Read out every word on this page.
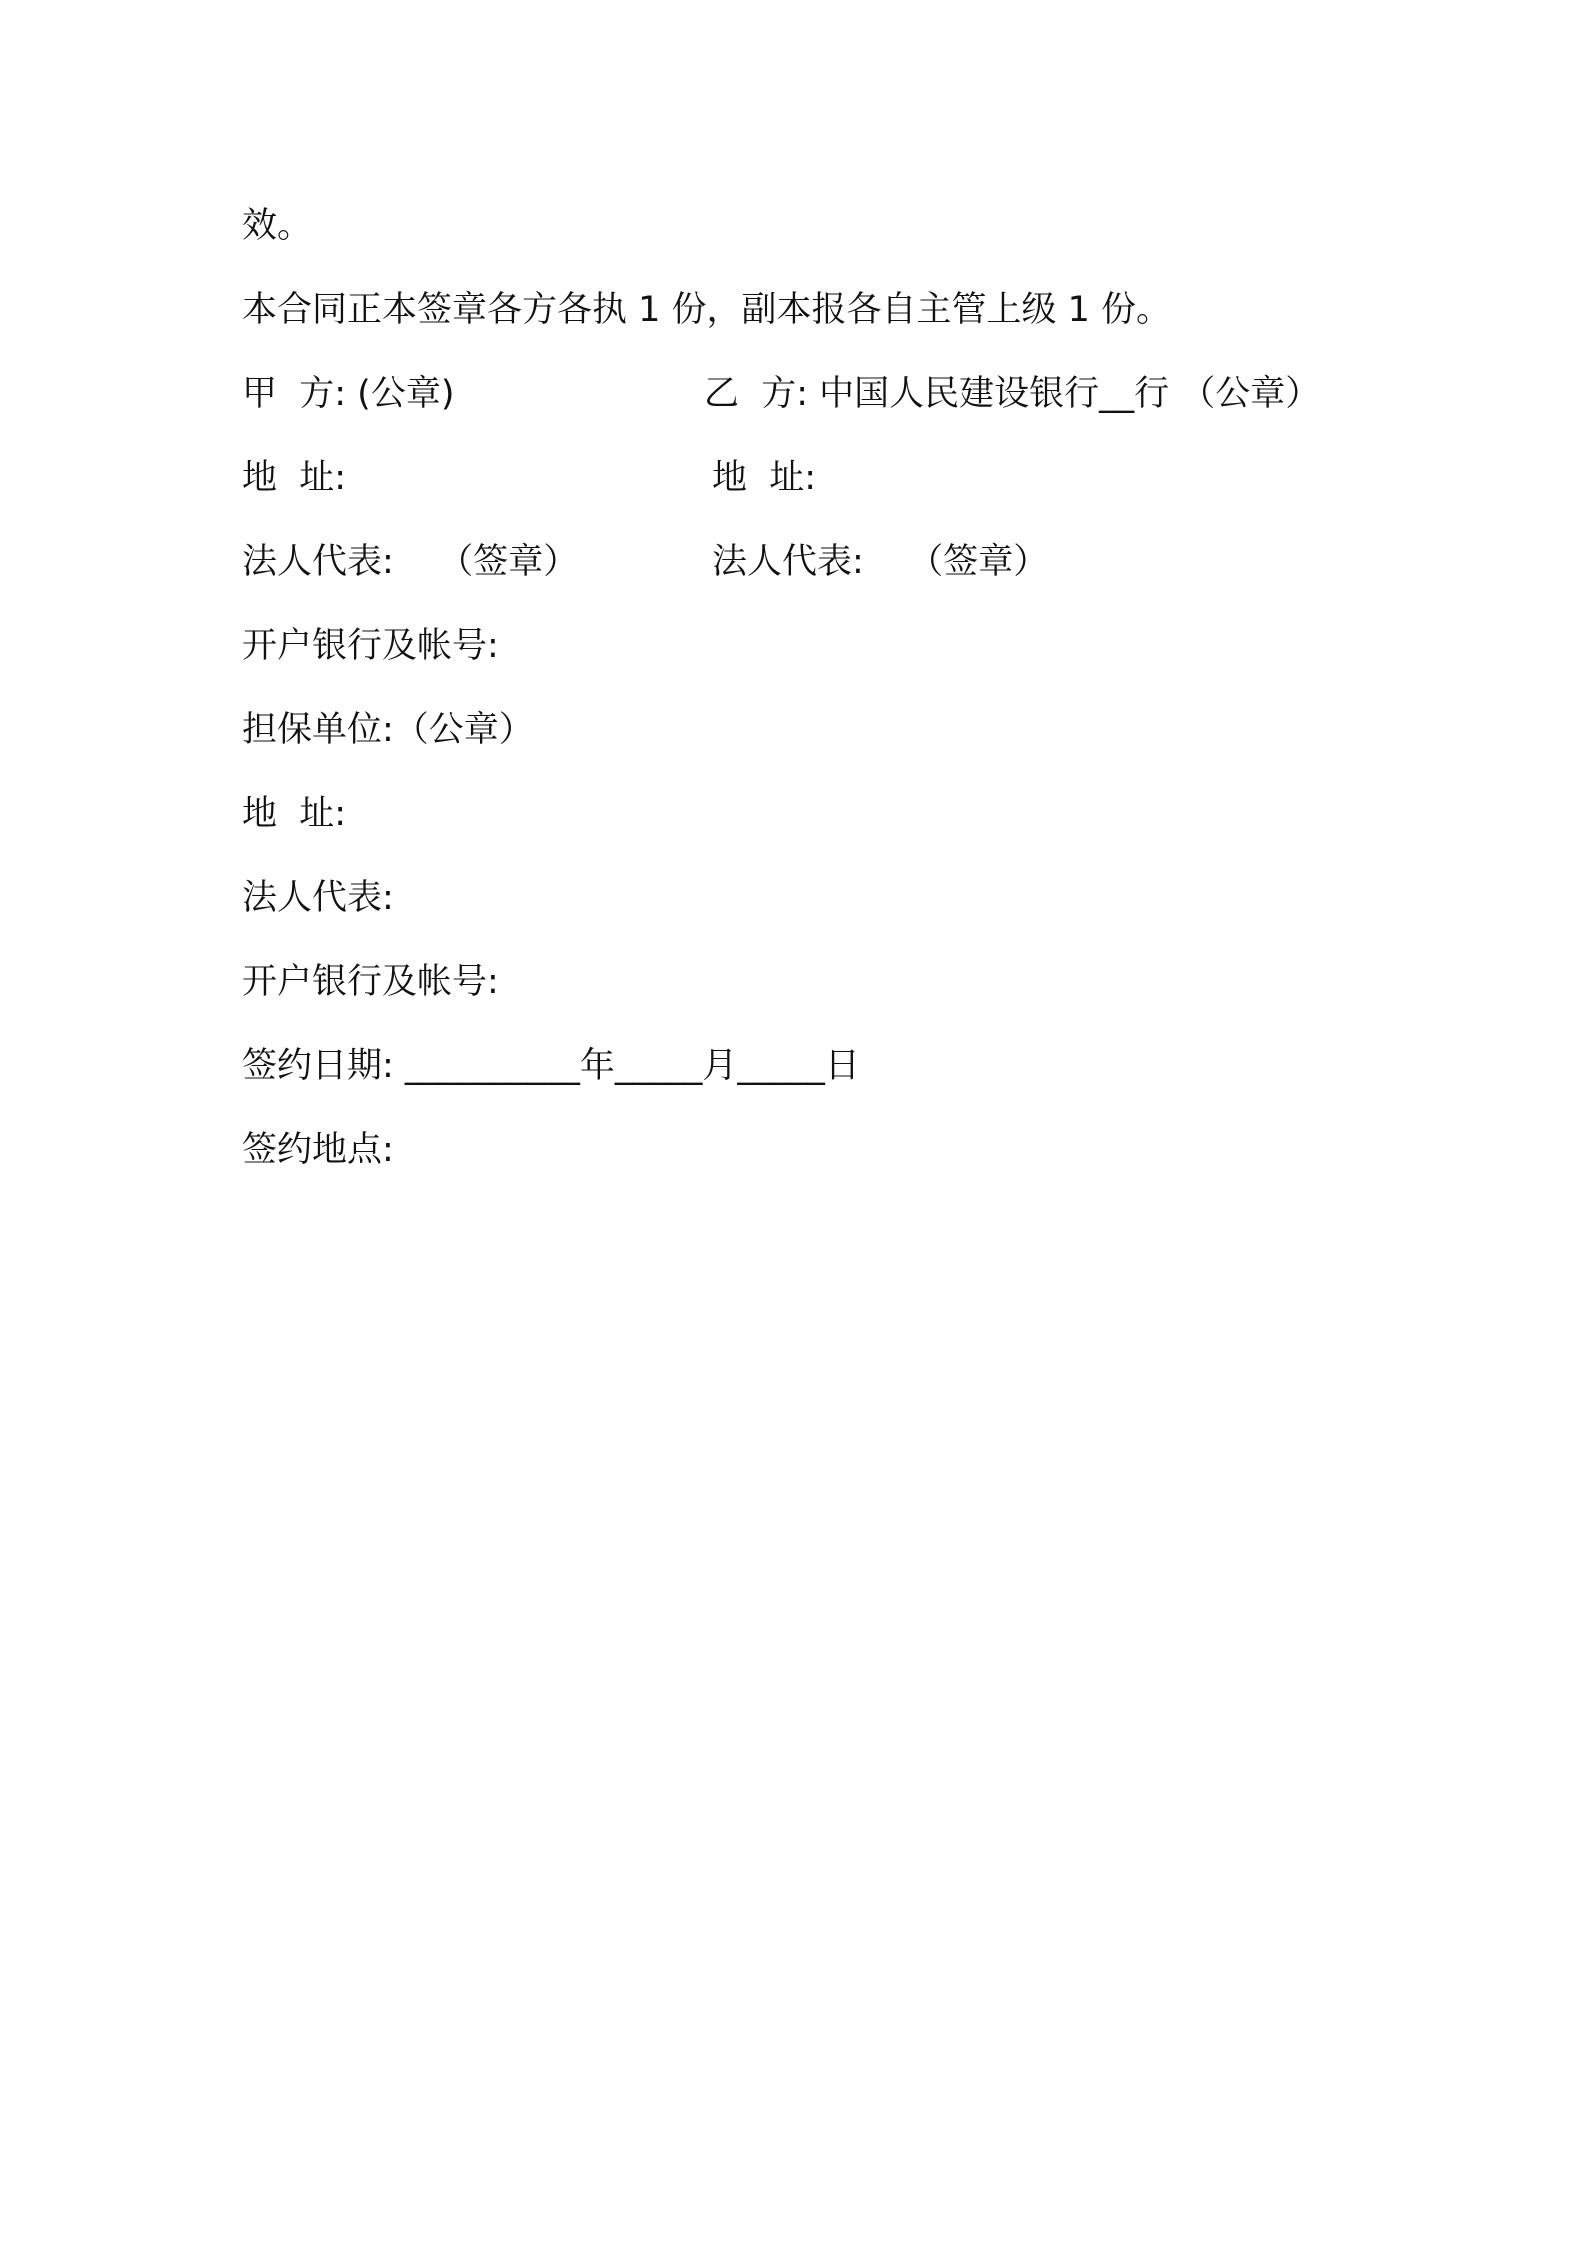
效。
本合同正本签章各方各执 1 份，副本报各自主管上级 1 份。
甲  方: (公章)	乙  方: 中国人民建设银行__行 （公章）
地  址:	地  址:
法人代表:    （签章）	法人代表:    （签章）
开户银行及帐号:
担保单位:（公章）
地  址:
法人代表:
开户银行及帐号:
签约日期: __________年_____月_____日
签约地点:
